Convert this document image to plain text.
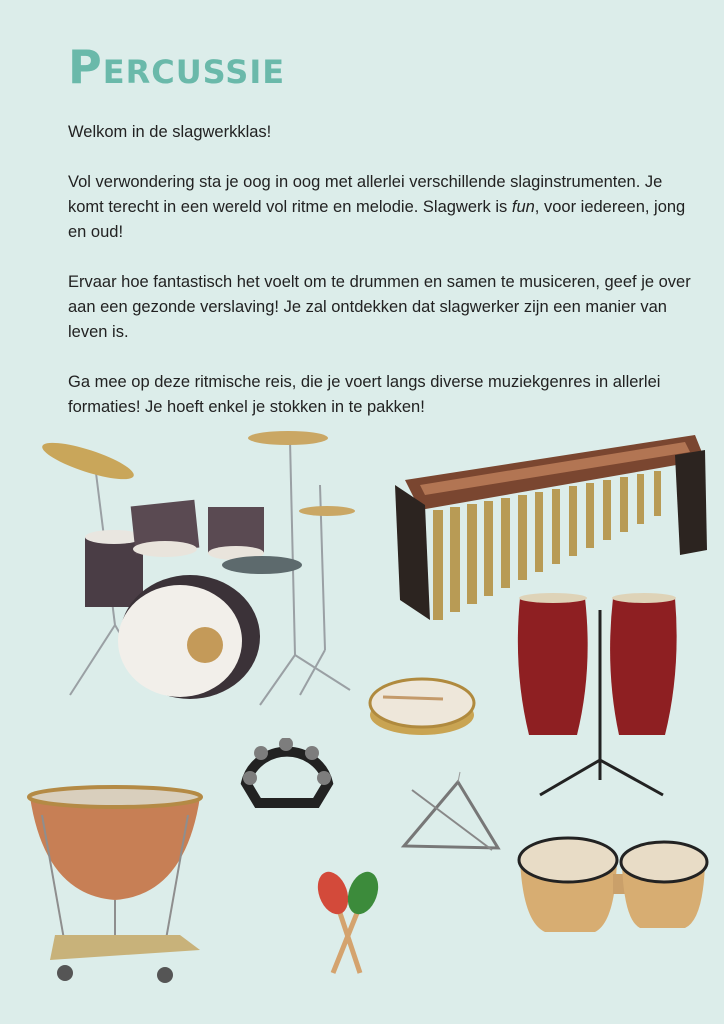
Percussie

Welkom in de slagwerkklas!

Vol verwondering sta je oog in oog met allerlei verschillende slaginstrumenten. Je komt terecht in een wereld vol ritme en melodie. Slagwerk is fun, voor iedereen, jong en oud!

Ervaar hoe fantastisch het voelt om te drummen en samen te musiceren, geef je over aan een gezonde verslaving! Je zal ontdekken dat slagwerker zijn een manier van leven is.

Ga mee op deze ritmische reis, die je voert langs diverse muziekgenres in allerlei formaties! Je hoeft enkel je stokken in te pakken!
